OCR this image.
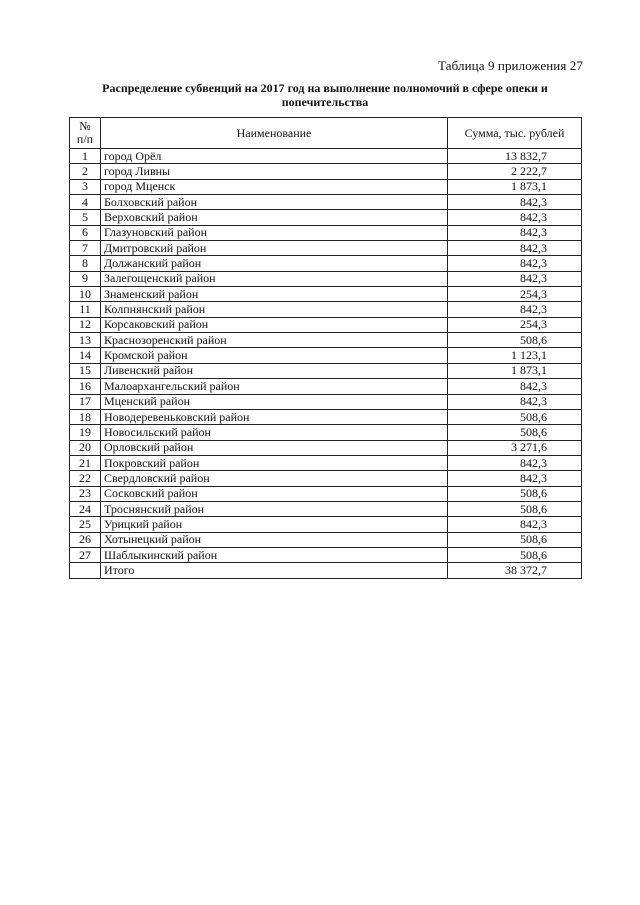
Таблица 9 приложения 27
Распределение субвенций на 2017 год на выполнение полномочий в сфере опеки и попечительства
№ п/п	Наименование	Сумма, тыс. рублей
1	город Орёл	13 832,7
2	город Ливны	2 222,7
3	город Мценск	1 873,1
4	Болховский район	842,3
5	Верховский район	842,3
6	Глазуновский район	842,3
7	Дмитровский район	842,3
8	Должанский район	842,3
9	Залегощенский район	842,3
10	Знаменский район	254,3
11	Колпнянский район	842,3
12	Корсаковский район	254,3
13	Краснозоренский район	508,6
14	Кромской район	1 123,1
15	Ливенский район	1 873,1
16	Малоархангельский район	842,3
17	Мценский район	842,3
18	Новодеревеньковский район	508,6
19	Новосильский район	508,6
20	Орловский район	3 271,6
21	Покровский район	842,3
22	Свердловский район	842,3
23	Сосковский район	508,6
24	Троснянский район	508,6
25	Урицкий район	842,3
26	Хотынецкий район	508,6
27	Шаблыкинский район	508,6
	Итого	38 372,7
